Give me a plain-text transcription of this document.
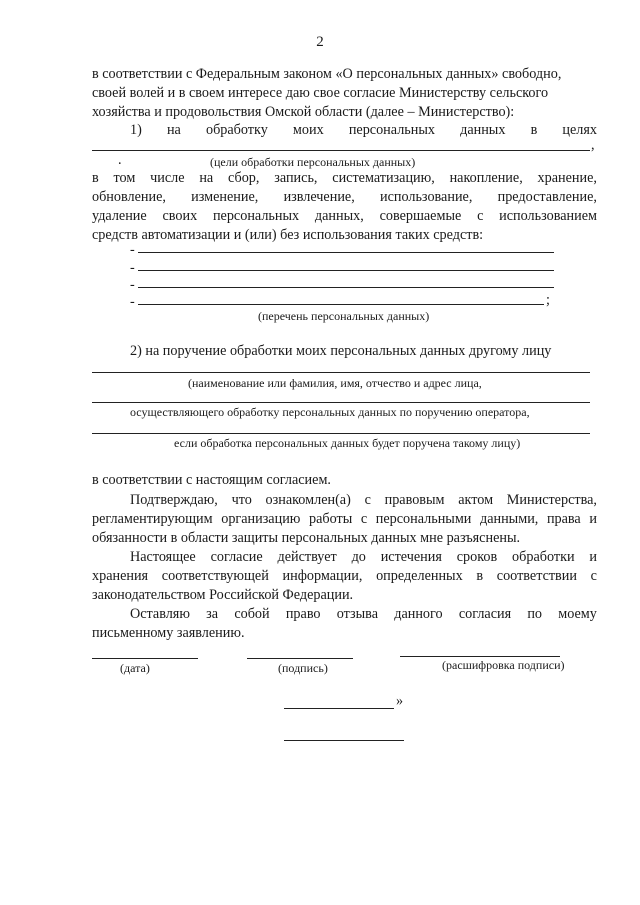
2
в соответствии с Федеральным законом «О персональных данных» свободно,
своей волей и в своем интересе даю свое согласие Министерству сельского
хозяйства и продовольствия Омской области (далее – Министерство):
1) на обработку моих персональных данных в целях
,
.	(цели обработки персональных данных)
в том числе на сбор, запись, систематизацию, накопление, хранение,
обновление, изменение, извлечение, использование, предоставление,
удаление своих персональных данных, совершаемые с использованием
средств автоматизации и (или) без использования таких средств:
-
-
-
-	;
(перечень персональных данных)
2) на поручение обработки моих персональных данных другому лицу
(наименование или фамилия, имя, отчество и адрес лица,
осуществляющего обработку персональных данных по поручению оператора,
если обработка персональных данных будет поручена такому лицу)
в соответствии с настоящим согласием.
Подтверждаю, что ознакомлен(а) с правовым актом Министерства,
регламентирующим организацию работы с персональными данными, права и
обязанности в области защиты персональных данных мне разъяснены.
Настоящее согласие действует до истечения сроков обработки и
хранения соответствующей информации, определенных в соответствии с
законодательством Российской Федерации.
Оставляю за собой право отзыва данного согласия по моему
письменному заявлению.
(дата)	(подпись)	(расшифровка подписи)
»
